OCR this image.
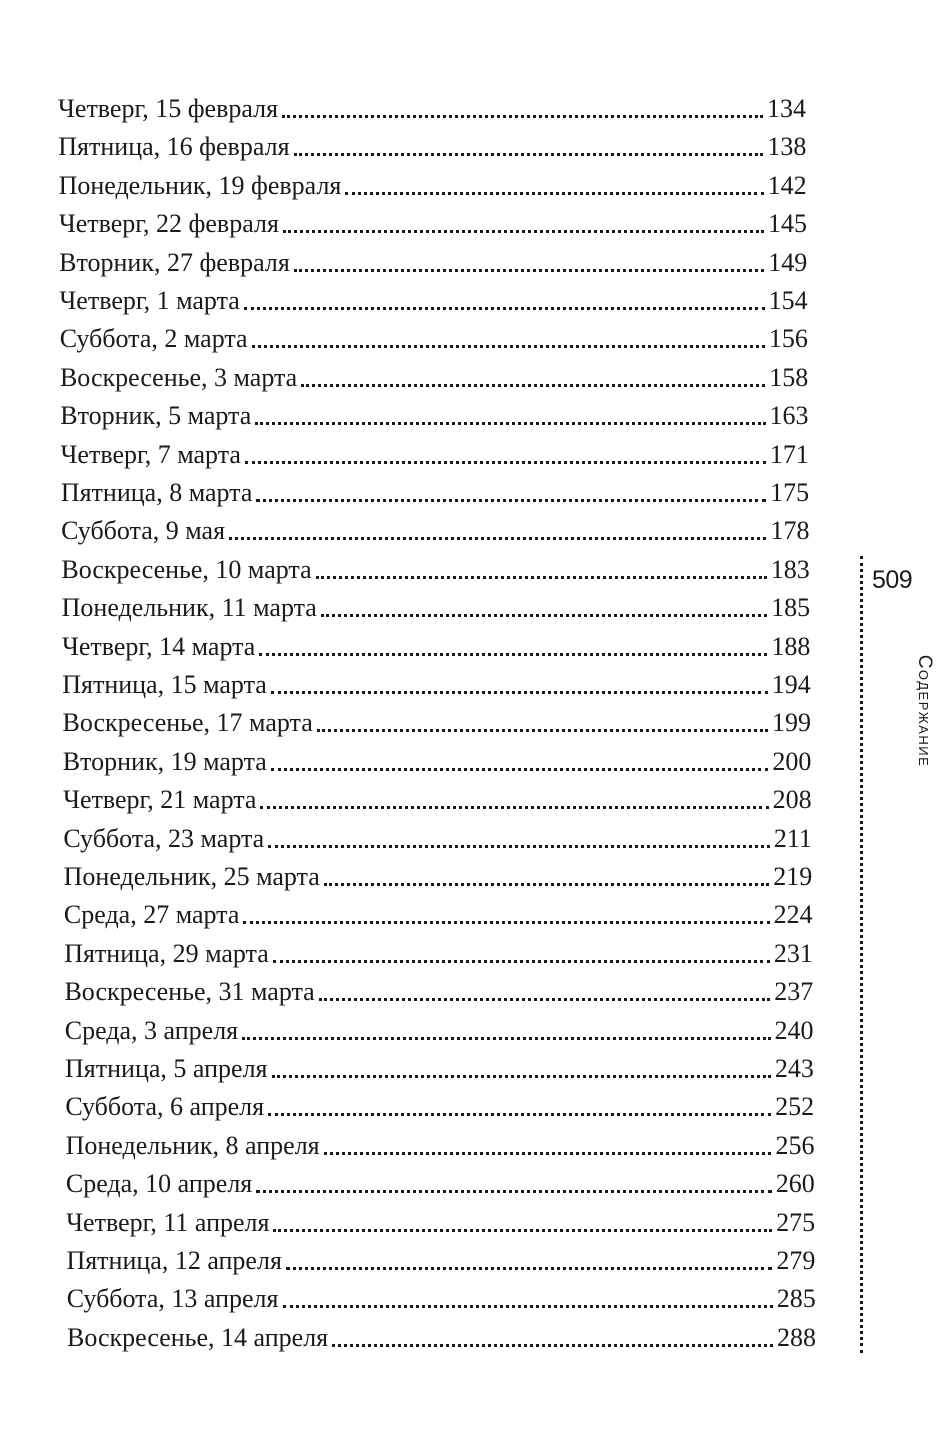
Четверг, 15 февраля	134
Пятница, 16 февраля	138
Понедельник, 19 февраля	142
Четверг, 22 февраля	145
Вторник, 27 февраля	149
Четверг, 1 марта	154
Суббота, 2 марта	156
Воскресенье, 3 марта	158
Вторник, 5 марта	163
Четверг, 7 марта	171
Пятница, 8 марта	175
Суббота, 9 мая	178
Воскресенье, 10 марта	183
Понедельник, 11 марта	185
Четверг, 14 марта	188
Пятница, 15 марта	194
Воскресенье, 17 марта	199
Вторник, 19 марта	200
Четверг, 21 марта	208
Суббота, 23 марта	211
Понедельник, 25 марта	219
Среда, 27 марта	224
Пятница, 29 марта	231
Воскресенье, 31 марта	237
Среда, 3 апреля	240
Пятница, 5 апреля	243
Суббота, 6 апреля	252
Понедельник, 8 апреля	256
Среда, 10 апреля	260
Четверг, 11 апреля	275
Пятница, 12 апреля	279
Суббота, 13 апреля	285
Воскресенье, 14 апреля	288
509
Содержание
